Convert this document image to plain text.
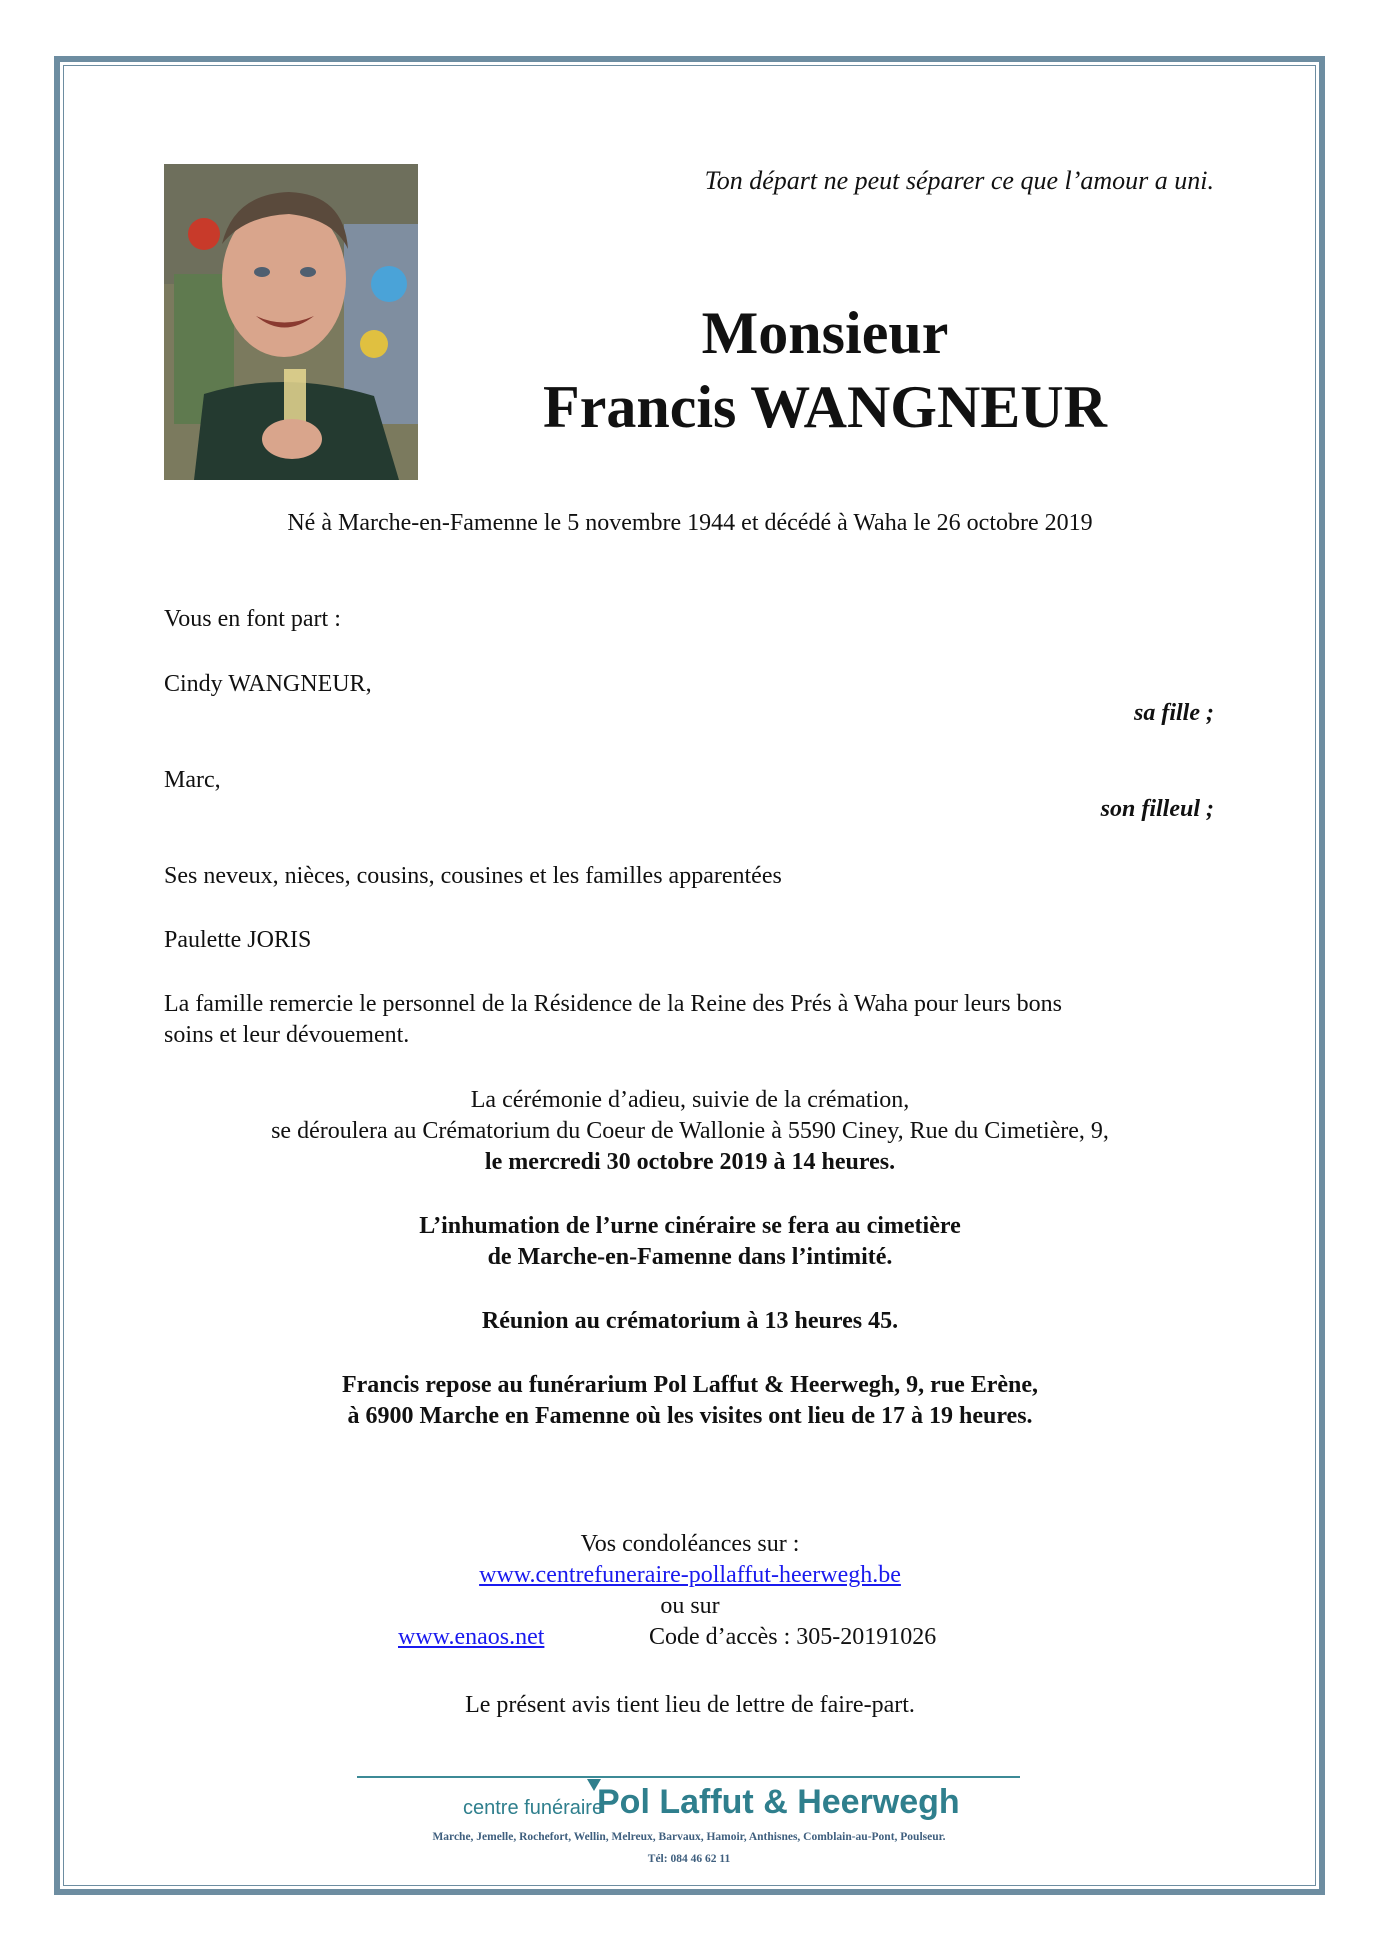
Ton départ ne peut séparer ce que l’amour a uni.
Monsieur
Francis WANGNEUR
Né à Marche-en-Famenne le 5 novembre 1944 et décédé à Waha le 26 octobre 2019
Vous en font part :
Cindy WANGNEUR,
sa fille ;
Marc,
son filleul ;
Ses neveux, nièces, cousins, cousines et les familles apparentées
Paulette JORIS
La famille remercie le personnel de la Résidence de la Reine des Prés à Waha pour leurs bons
soins et leur dévouement.
La cérémonie d’adieu, suivie de la crémation,
se déroulera au Crématorium du Coeur de Wallonie à 5590 Ciney, Rue du Cimetière, 9,
le mercredi 30 octobre 2019 à 14 heures.
L’inhumation de l’urne cinéraire se fera au cimetière
de Marche-en-Famenne dans l’intimité.
Réunion au crématorium à 13 heures 45.
Francis repose au funérarium Pol Laffut & Heerwegh, 9, rue Erène,
à 6900 Marche en Famenne où les visites ont lieu de 17 à 19 heures.
Vos condoléances sur :
www.centrefuneraire-pollaffut-heerwegh.be
ou sur
www.enaos.net	Code d’accès : 305-20191026
Le présent avis tient lieu de lettre de faire-part.
centre funéraire
Pol Laffut & Heerwegh
Marche, Jemelle, Rochefort, Wellin, Melreux, Barvaux, Hamoir, Anthisnes, Comblain-au-Pont, Poulseur.
Tél: 084 46 62 11
